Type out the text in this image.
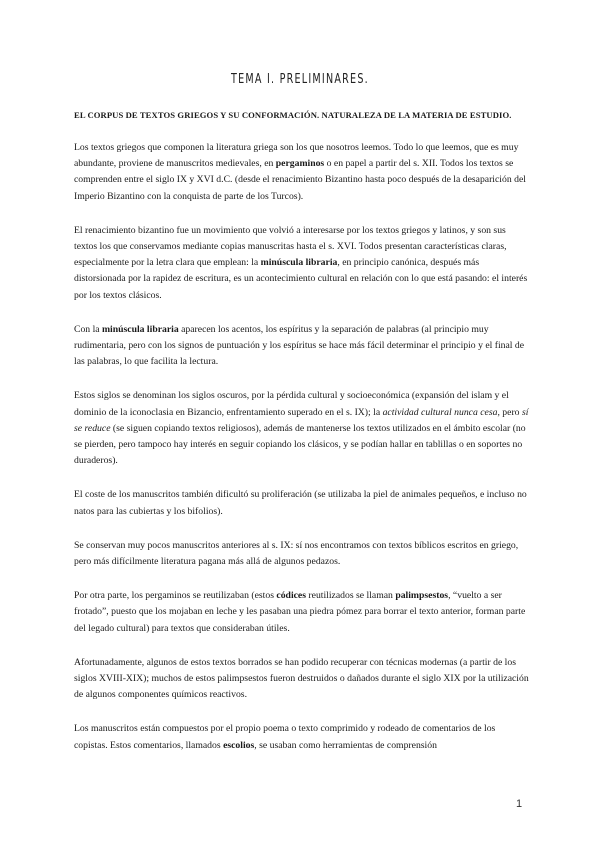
TEMA I. PRELIMINARES.
EL CORPUS DE TEXTOS GRIEGOS Y SU CONFORMACIÓN. NATURALEZA DE LA MATERIA DE ESTUDIO.

Los textos griegos que componen la literatura griega son los que nosotros leemos. Todo lo que leemos, que es muy abundante, proviene de manuscritos medievales, en pergaminos o en papel a partir del s. XII. Todos los textos se comprenden entre el siglo IX y XVI d.C. (desde el renacimiento Bizantino hasta poco después de la desaparición del Imperio Bizantino con la conquista de parte de los Turcos).

El renacimiento bizantino fue un movimiento que volvió a interesarse por los textos griegos y latinos, y son sus textos los que conservamos mediante copias manuscritas hasta el s. XVI. Todos presentan características claras, especialmente por la letra clara que emplean: la minúscula libraria, en principio canónica, después más distorsionada por la rapidez de escritura, es un acontecimiento cultural en relación con lo que está pasando: el interés por los textos clásicos.

Con la minúscula libraria aparecen los acentos, los espíritus y la separación de palabras (al principio muy rudimentaria, pero con los signos de puntuación y los espíritus se hace más fácil determinar el principio y el final de las palabras, lo que facilita la lectura.

Estos siglos se denominan los siglos oscuros, por la pérdida cultural y socioeconómica (expansión del islam y el dominio de la iconoclasia en Bizancio, enfrentamiento superado en el s. IX); la actividad cultural nunca cesa, pero sí se reduce (se siguen copiando textos religiosos), además de mantenerse los textos utilizados en el ámbito escolar (no se pierden, pero tampoco hay interés en seguir copiando los clásicos, y se podían hallar en tablillas o en soportes no duraderos).

El coste de los manuscritos también dificultó su proliferación (se utilizaba la piel de animales pequeños, e incluso no natos para las cubiertas y los bifolios).

Se conservan muy pocos manuscritos anteriores al s. IX: sí nos encontramos con textos bíblicos escritos en griego, pero más difícilmente literatura pagana más allá de algunos pedazos.

Por otra parte, los pergaminos se reutilizaban (estos códices reutilizados se llaman palimpsestos, “vuelto a ser frotado”, puesto que los mojaban en leche y les pasaban una piedra pómez para borrar el texto anterior, forman parte del legado cultural) para textos que consideraban útiles.

Afortunadamente, algunos de estos textos borrados se han podido recuperar con técnicas modernas (a partir de los siglos XVIII-XIX); muchos de estos palimpsestos fueron destruidos o dañados durante el siglo XIX por la utilización de algunos componentes químicos reactivos.

Los manuscritos están compuestos por el propio poema o texto comprimido y rodeado de comentarios de los copistas. Estos comentarios, llamados escolios, se usaban como herramientas de comprensión

1
